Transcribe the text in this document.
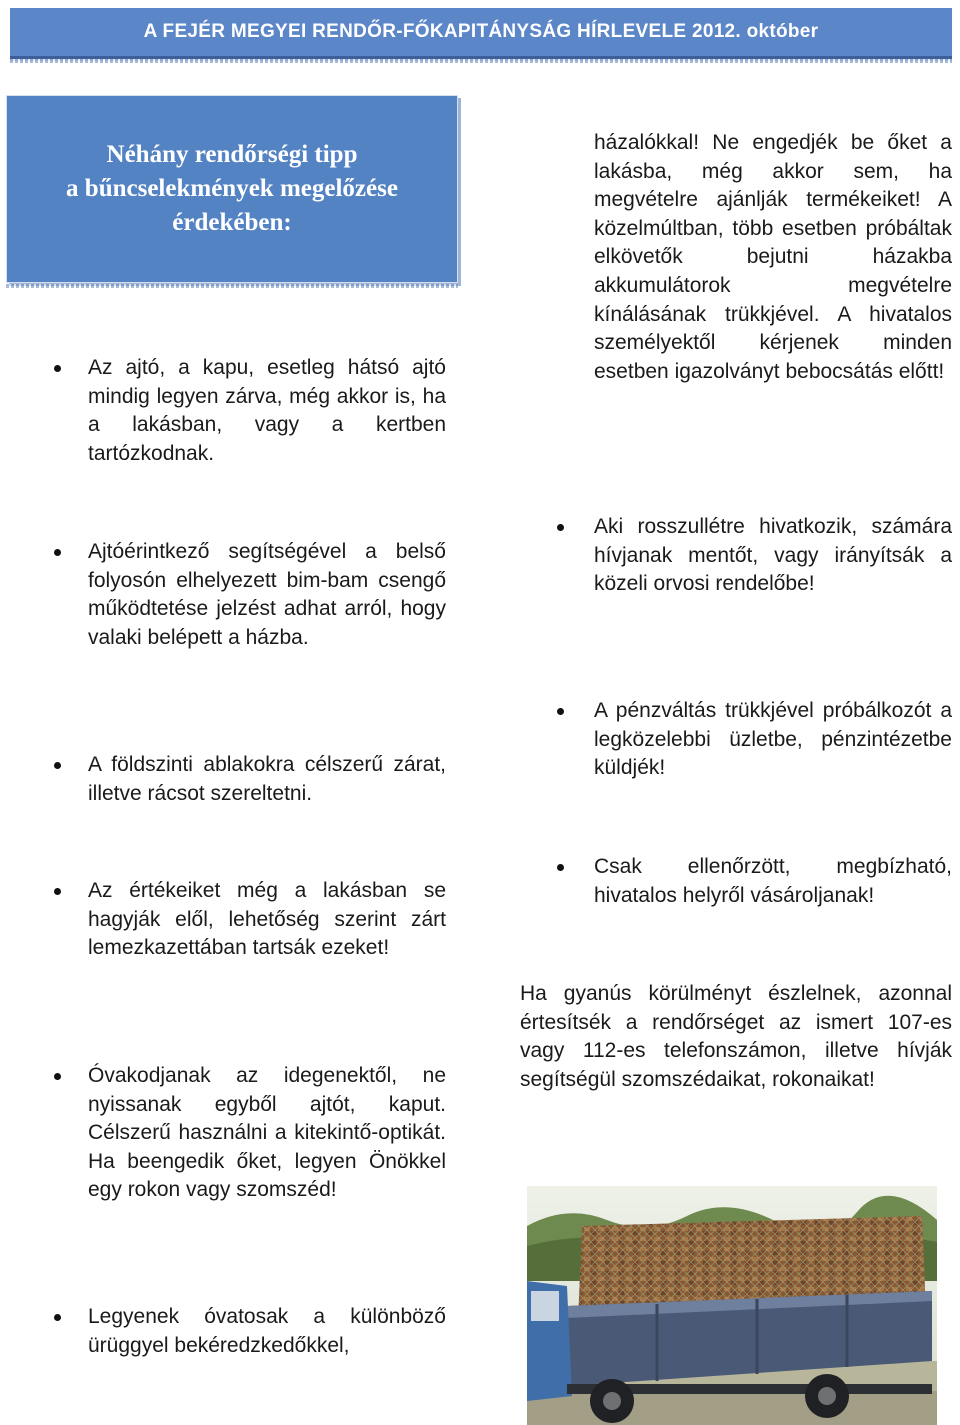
A FEJÉR MEGYEI RENDŐR-FŐKAPITÁNYSÁG HÍRLEVELE 2012. október
Néhány rendőrségi tipp
a bűncselekmények megelőzése
érdekében:

Az ajtó, a kapu, esetleg hátsó ajtó mindig legyen zárva, még akkor is, ha a lakásban, vagy a kertben tartózkodnak.

Ajtóérintkező segítségével a belső folyosón elhelyezett bim-bam csengő működtetése jelzést adhat arról, hogy valaki belépett a házba.

A földszinti ablakokra célszerű zárat, illetve rácsot szereltetni.

Az értékeiket még a lakásban se hagyják elől, lehetőség szerint zárt lemezkazettában tartsák ezeket!

Óvakodjanak az idegenektől, ne nyissanak egyből ajtót, kaput. Célszerű használni a kitekintő-optikát. Ha beengedik őket, legyen Önökkel egy rokon vagy szomszéd!

Legyenek óvatosak a különböző ürüggyel bekéredzkedőkkel,

házalókkal! Ne engedjék be őket a lakásba, még akkor sem, ha megvételre ajánlják termékeiket! A közelmúltban, több esetben próbáltak elkövetők bejutni házakba akkumulátorok megvételre kínálásának trükkjével. A hivatalos személyektől kérjenek minden esetben igazolványt bebocsátás előtt!

Aki rosszullétre hivatkozik, számára hívjanak mentőt, vagy irányítsák a közeli orvosi rendelőbe!

A pénzváltás trükkjével próbálkozót a legközelebbi üzletbe, pénzintézetbe küldjék!

Csak ellenőrzött, megbízható, hivatalos helyről vásároljanak!

Ha gyanús körülményt észlelnek, azonnal értesítsék a rendőrséget az ismert 107-es vagy 112-es telefonszámon, illetve hívják segítségül szomszédaikat, rokonaikat!
